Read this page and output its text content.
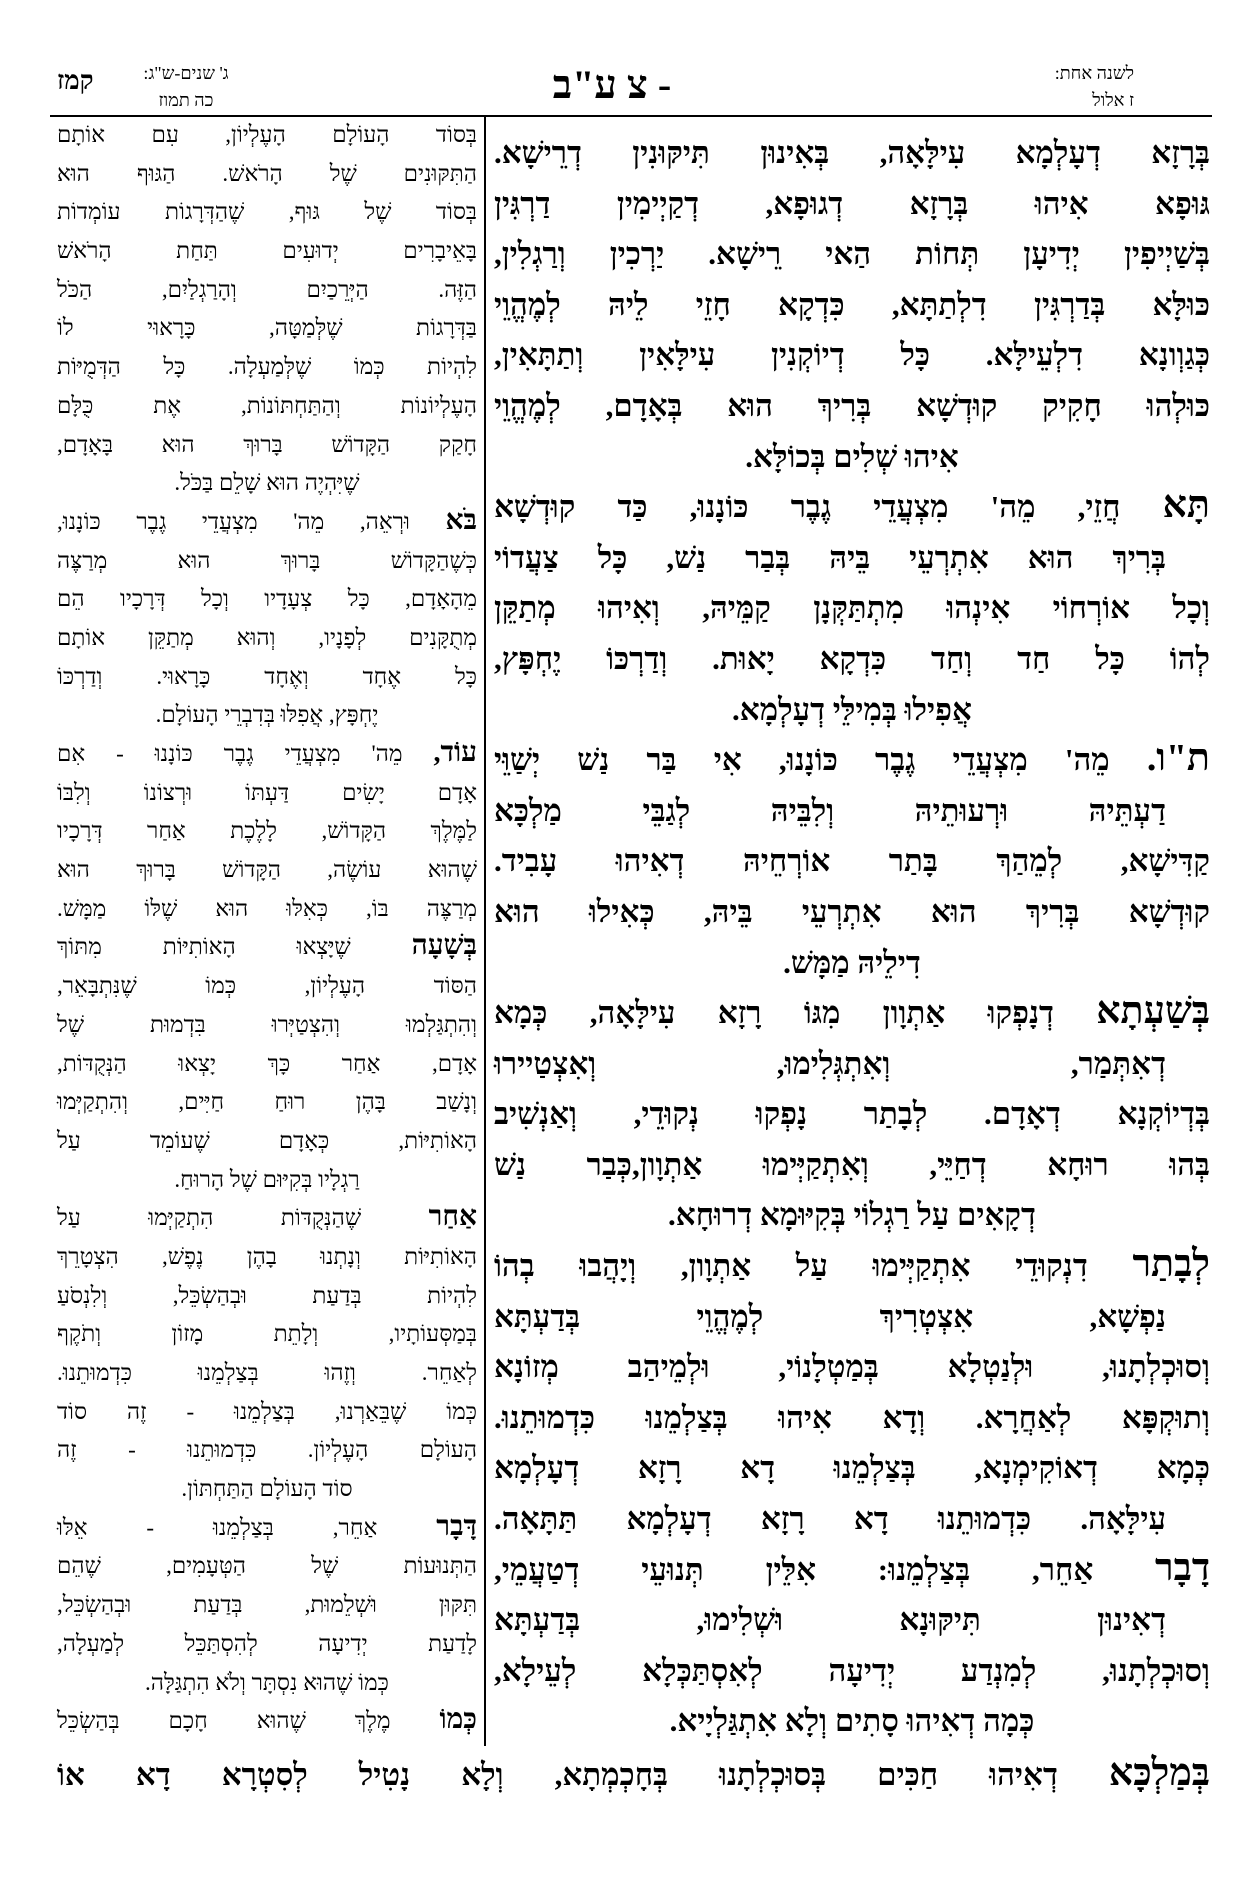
קמז	ג' שנים-ש"ג:
כה תמוז	- צ ע"ב	לשנה אחת:
ז אלול
בְּרָזָא דְעָלְמָא עִילָּאָה, בְּאִינוּן תִּיקּוּנִין דְרֵישָׁא.
גּוּפָא אִיהוּ בְּרָזָא דְגוּפָא, דְקַיְימִין דַרְגִּין
בְּשַׁיְיפִין יְדִיעָן תְּחוֹת הַאי רֵישָׁא. יַרְכִין וְרַגְלִין,
כּוּלָּא בְּדַרְגִּין דִלְתַתָּא, כִּדְקָא חָזֵי לֵיהּ לְמֶהֱוֵי
כְּגַוְונָא דִלְעֵילָּא. כָּל דְיוֹקְנִין עִילָּאִין וְתַתָּאִין,
כּוּלְהוּ חָקִיק קוּדְשָׁא בְּרִיךְ הוּא בְּאָדָם, לְמֶהֱוֵי
אִיהוּ שְׁלִים בְּכוֹלָּא.
תָּא חֲזֵי, מֵה' מִצְעֲדֵי גֶבֶר כּוֹנָנוּ, כַּד קוּדְשָׁא
בְּרִיךְ הוּא אִתְרְעֵי בֵּיהּ בְּבַר נַשׁ, כָּל צַעֲדוֹי
וְכָל אוֹרְחוֹי אִינְהוּ מִתְתַּקְּנָן קַמֵּיהּ, וְאִיהוּ מְתַקֵּן
לְהוֹ כָּל חַד וְחַד כִּדְקָא יָאוּת. וְדַרְכּוֹ יֶחְפָּץ,
אֲפִילוּ בְּמִילֵּי דְעָלְמָא.
ת"ו. מֵה' מִצְעֲדֵי גֶבֶר כּוֹנָנוּ, אִי בַּר נַשׁ יְשַׁוֵּי
דַעְתֵּיהּ וּרְעוּתֵיהּ וְלִבֵּיהּ לְגַבֵּי מַלְכָּא
קַדִּישָׁא, לְמֵהַךְ בָּתַר אוֹרְחֵיהּ דְאִיהוּ עָבִיד.
קוּדְשָׁא בְּרִיךְ הוּא אִתְרְעֵי בֵּיהּ, כְּאִילוּ הוּא
דִילֵיהּ מַמָּשׁ.
בְּשַׁעְתָא דְנָפְקוּ אַתְוָון מִגּוֹ רָזָא עִילָּאָה, כְּמָא
דְאִתְּמַר, וְאִתְגְּלִימוּ, וְאִצְטַיירוּ
בְּדְיוֹקְנָא דְאָדָם. לְבָתַר נָפְקוּ נְקוּדֵי, וְאַנְשִׁיב
בְּהוּ רוּחָא דְחַיֵּי, וְאִתְקַיְּימוּ אַתְוָון,כְּבַר נַשׁ
דְקָאִים עַל רַגְלוֹי בְּקִיּוּמָא דְרוּחָא.
לְבָתַר דִנְקוּדֵי אִתְקַיְּימוּ עַל אַתְוָון, וְיָהֲבוּ בְהוֹ
נַפְשָׁא, אִצְטְרִיךְ לְמֶהֱוֵי בְּדַעְתָּא
וְסוּכְלְתָנוּ, וּלְנַטְלָא בְּמַטְלָנוֹי, וּלְמֵיהַב מְזוֹנָא
וְתוּקְפָּא לְאַחֲרָא. וְדָא אִיהוּ בְּצַלְמֵנוּ כִּדְמוּתֵנוּ.
כְּמָא דְאוֹקִימְנָא, בְּצַלְמֵנוּ דָא רָזָא דְעָלְמָא
עִילָּאָה. כִּדְמוּתֵנוּ דָא רָזָא דְעָלְמָא תַּתָּאָה.
דָבָר אַחֵר, בְּצַלְמֵנוּ: אִלֵּין תְּנוּעֵי דְטַעֲמֵי,
דְאִינוּן תִּיקּוּנָא וּשְׁלִימוּ, בְּדַעְתָּא
וְסוּכְלְתָנוּ, לְמִנְדַע יְדִיעָה לְאִסְתַּכְּלָא לְעֵילָא,
כְּמָה דְאִיהוּ סָתִים וְלָא אִתְגַּלְיָיא.
בְּסוֹד הָעוֹלָם הָעֶלְיוֹן, עִם אוֹתָם
הַתִּקּוּנִים שֶׁל הָרֹאשׁ. הַגּוּף הוּא
בְּסוֹד שֶׁל גּוּף, שֶׁהַדְּרָגוֹת עוֹמְדוֹת
בָּאֵיבָרִים יְדוּעִים תַּחַת הָרֹאשׁ
הַזֶּה. הַיְּרֵכַיִם וְהָרַגְלַיִם, הַכֹּל
בַּדְּרָגוֹת שֶׁלְּמַטָּה, כָּרָאוּי לוֹ
לִהְיוֹת כְּמוֹ שֶׁלְּמַעְלָה. כָּל הַדְּמֻיּוֹת
הָעֶלְיוֹנוֹת וְהַתַּחְתּוֹנוֹת, אֶת כֻּלָּם
חָקַק הַקָּדוֹשׁ בָּרוּךְ הוּא בָּאָדָם,
שֶׁיִּהְיֶה הוּא שָׁלֵם בַּכֹּל.
בֹּא וּרְאֵה, מֵה' מִצְעֲדֵי גֶבֶר כּוֹנָנוּ,
כְּשֶׁהַקָּדוֹשׁ בָּרוּךְ הוּא מְרַצֶּה
מֵהָאָדָם, כָּל צְעָדָיו וְכָל דְּרָכָיו הֵם
מְתֻקָּנִים לְפָנָיו, וְהוּא מְתַקֵּן אוֹתָם
כָּל אֶחָד וְאֶחָד כָּרָאוּי. וְדַרְכּוֹ
יֶחְפָּץ, אֲפִלּוּ בְּדִבְרֵי הָעוֹלָם.
עוֹד, מֵה' מִצְעֲדֵי גֶבֶר כּוֹנָנוּ - אִם
אָדָם יָשִׂים דַּעְתּוֹ וּרְצוֹנוֹ וְלִבּוֹ
לַמֶּלֶךְ הַקָּדוֹשׁ, לָלֶכֶת אַחַר דְּרָכָיו
שֶׁהוּא עוֹשֶׂה, הַקָּדוֹשׁ בָּרוּךְ הוּא
מְרַצֶּה בּוֹ, כְּאִלּוּ הוּא שֶׁלּוֹ מַמָּשׁ.
בְּשָׁעָה שֶׁיָּצְאוּ הָאוֹתִיּוֹת מִתּוֹךְ
הַסּוֹד הָעֶלְיוֹן, כְּמוֹ שֶׁנִּתְבָּאֵר,
וְהִתְגַּלְמוּ וְהִצְטַיְּרוּ בִּדְמוּת שֶׁל
אָדָם, אַחַר כָּךְ יָצְאוּ הַנְּקֻדּוֹת,
וְנָשַׁב בָּהֶן רוּחַ חַיִּים, וְהִתְקַיְּמוּ
הָאוֹתִיּוֹת, כְּאָדָם שֶׁעוֹמֵד עַל
רַגְלָיו בְּקִיּוּם שֶׁל הָרוּחַ.
אַחַר שֶׁהַנְּקֻדּוֹת הִתְקַיְּמוּ עַל
הָאוֹתִיּוֹת וְנָתְנוּ בָהֶן נֶפֶשׁ, הִצְטָרֵךְ
לִהְיוֹת בְּדַעַת וּבְהַשְׂכֵּל, וְלִנְסֹעַ
בְּמַסְּעוֹתָיו, וְלָתֵת מָזוֹן וְתֹקֶף
לְאַחֵר. וְזֶהוּ בְּצַלְמֵנוּ כִּדְמוּתֵנוּ.
כְּמוֹ שֶׁבֵּאַרְנוּ, בְּצַלְמֵנוּ - זֶה סוֹד
הָעוֹלָם הָעֶלְיוֹן. כִּדְמוּתֵנוּ - זֶה
סוֹד הָעוֹלָם הַתַּחְתּוֹן.
דָּבָר אַחֵר, בְּצַלְמֵנוּ - אֵלּוּ
הַתְּנוּעוֹת שֶׁל הַטְּעָמִים, שֶׁהֵם
תִּקּוּן וּשְׁלֵמוּת, בְּדַעַת וּבְהַשְׂכֵּל,
לָדַעַת יְדִיעָה לְהִסְתַּכֵּל לְמַעְלָה,
כְּמוֹ שֶׁהוּא נִסְתָּר וְלֹא הִתְגַּלָּה.
כְּמוֹ מֶלֶךְ שֶׁהוּא חָכָם בְּהַשְׂכֵּל
בְּמַלְכָּא דְאִיהוּ חַכִּים בְּסוּכְלְתָנוּ בְּחָכְמְתָא, וְלָא נָטִיל לְסִטְרָא דָא אוֹ
